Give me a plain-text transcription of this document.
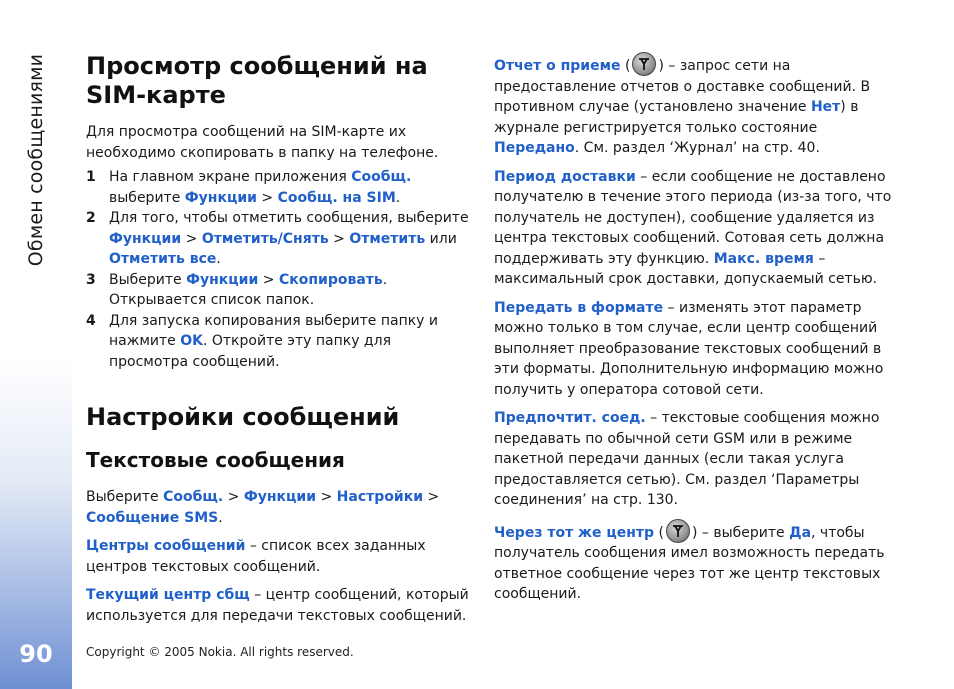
Обмен сообщениями
90
Просмотр сообщений на SIM-карте

Для просмотра сообщений на SIM-карте их необходимо скопировать в папку на телефоне.

1 На главном экране приложения Сообщ. выберите Функции > Сообщ. на SIM.
2 Для того, чтобы отметить сообщения, выберите Функции > Отметить/Снять > Отметить или Отметить все.
3 Выберите Функции > Скопировать. Открывается список папок.
4 Для запуска копирования выберите папку и нажмите OK. Откройте эту папку для просмотра сообщений.
Настройки сообщений
Текстовые сообщения

Выберите Сообщ. > Функции > Настройки > Сообщение SMS.

Центры сообщений – список всех заданных центров текстовых сообщений.

Текущий центр сбщ – центр сообщений, который используется для передачи текстовых сообщений.

Отчет о приеме ( ) – запрос сети на предоставление отчетов о доставке сообщений. В противном случае (установлено значение Нет) в журнале регистрируется только состояние Передано. См. раздел ‘Журнал’ на стр. 40.

Период доставки – если сообщение не доставлено получателю в течение этого периода (из-за того, что получатель не доступен), сообщение удаляется из центра текстовых сообщений. Сотовая сеть должна поддерживать эту функцию. Макс. время – максимальный срок доставки, допускаемый сетью.

Передать в формате – изменять этот параметр можно только в том случае, если центр сообщений выполняет преобразование текстовых сообщений в эти форматы. Дополнительную информацию можно получить у оператора сотовой сети.

Предпочтит. соед. – текстовые сообщения можно передавать по обычной сети GSM или в режиме пакетной передачи данных (если такая услуга предоставляется сетью). См. раздел ‘Параметры соединения’ на стр. 130.

Через тот же центр ( ) – выберите Да, чтобы получатель сообщения имел возможность передать ответное сообщение через тот же центр текстовых сообщений.

Copyright © 2005 Nokia. All rights reserved.
